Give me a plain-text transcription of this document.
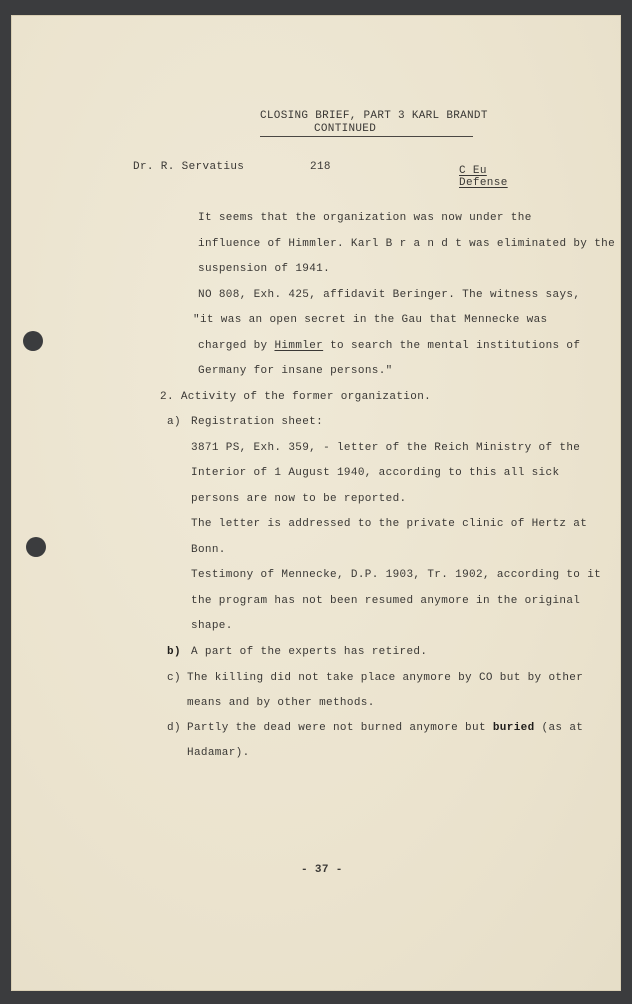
CLOSING BRIEF, PART 3 KARL BRANDT
CONTINUED
Dr. R. Servatius	218	C Eu
Defense
It seems that the organization was now under the
influence of Himmler. Karl B r a n d t was eliminated by the
suspension of 1941.
NO 808, Exh. 425, affidavit Beringer. The witness says,
"it was an open secret in the Gau that Mennecke was
charged by Himmler to search the mental institutions of
Germany for insane persons."
2. Activity of the former organization.
a) Registration sheet:
3871 PS, Exh. 359, - letter of the Reich Ministry of the
Interior of 1 August 1940, according to this all sick
persons are now to be reported.
The letter is addressed to the private clinic of Hertz at
Bonn.
Testimony of Mennecke, D.P. 1903, Tr. 1902, according to it
the program has not been resumed anymore in the original
shape.
b) A part of the experts has retired.
c) The killing did not take place anymore by CO but by other
means and by other methods.
d) Partly the dead were not burned anymore but buried (as at
Hadamar).
- 37 -
